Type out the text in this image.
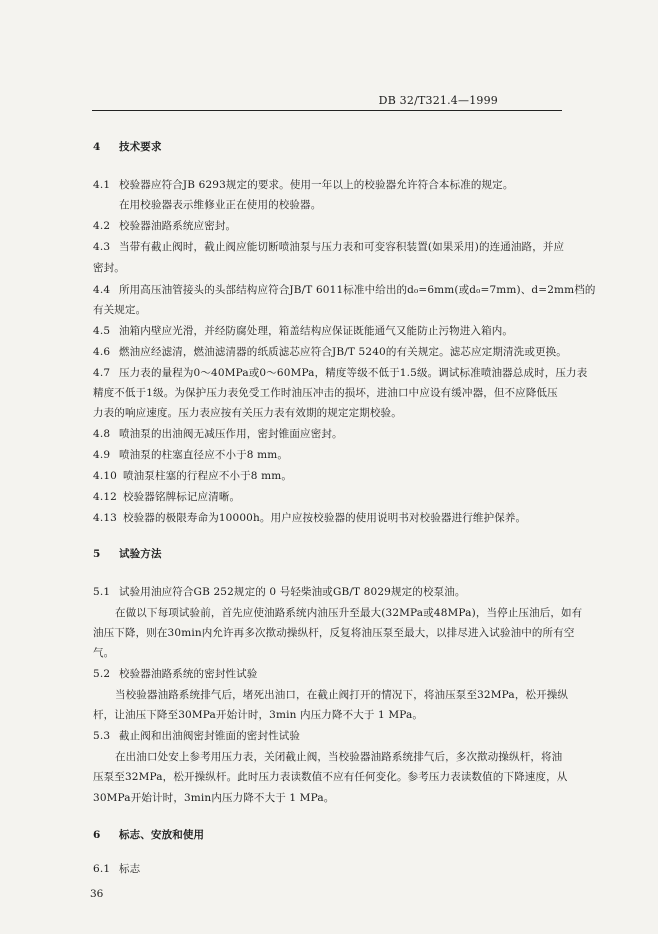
DB 32/T321.4—1999
4 技术要求
4.1 校验器应符合JB 6293规定的要求。使用一年以上的校验器允许符合本标准的规定。
在用校验器表示维修业正在使用的校验器。
4.2 校验器油路系统应密封。
4.3 当带有截止阀时，截止阀应能切断喷油泵与压力表和可变容积装置(如果采用)的连通油路，并应
密封。
4.4 所用高压油管接头的头部结构应符合JB/T 6011标准中给出的d₀=6mm(或d₀=7mm)、d=2mm档的
有关规定。
4.5 油箱内壁应光滑，并经防腐处理，箱盖结构应保证既能通气又能防止污物进入箱内。
4.6 燃油应经滤清，燃油滤清器的纸质滤芯应符合JB/T 5240的有关规定。滤芯应定期清洗或更换。
4.7 压力表的量程为0～40MPa或0～60MPa，精度等级不低于1.5级。调试标准喷油器总成时，压力表
精度不低于1级。为保护压力表免受工作时油压冲击的损坏，进油口中应设有缓冲器，但不应降低压
力表的响应速度。压力表应按有关压力表有效期的规定定期校验。
4.8 喷油泵的出油阀无减压作用，密封锥面应密封。
4.9 喷油泵的柱塞直径应不小于8 mm。
4.10 喷油泵柱塞的行程应不小于8 mm。
4.12 校验器铭牌标记应清晰。
4.13 校验器的极限寿命为10000h。用户应按校验器的使用说明书对校验器进行维护保养。
5 试验方法
5.1 试验用油应符合GB 252规定的 0 号轻柴油或GB/T 8029规定的校泵油。
在做以下每项试验前，首先应使油路系统内油压升至最大(32MPa或48MPa)，当停止压油后，如有
油压下降，则在30min内允许再多次揿动操纵杆，反复将油压泵至最大，以排尽进入试验油中的所有空
气。
5.2 校验器油路系统的密封性试验
当校验器油路系统排气后，堵死出油口，在截止阀打开的情况下，将油压泵至32MPa，松开操纵
杆，让油压下降至30MPa开始计时，3min 内压力降不大于 1 MPa。
5.3 截止阀和出油阀密封锥面的密封性试验
在出油口处安上参考用压力表，关闭截止阀，当校验器油路系统排气后，多次揿动操纵杆，将油
压泵至32MPa，松开操纵杆。此时压力表读数值不应有任何变化。参考压力表读数值的下降速度，从
30MPa开始计时，3min内压力降不大于 1 MPa。
6 标志、安放和使用
6.1 标志
36
